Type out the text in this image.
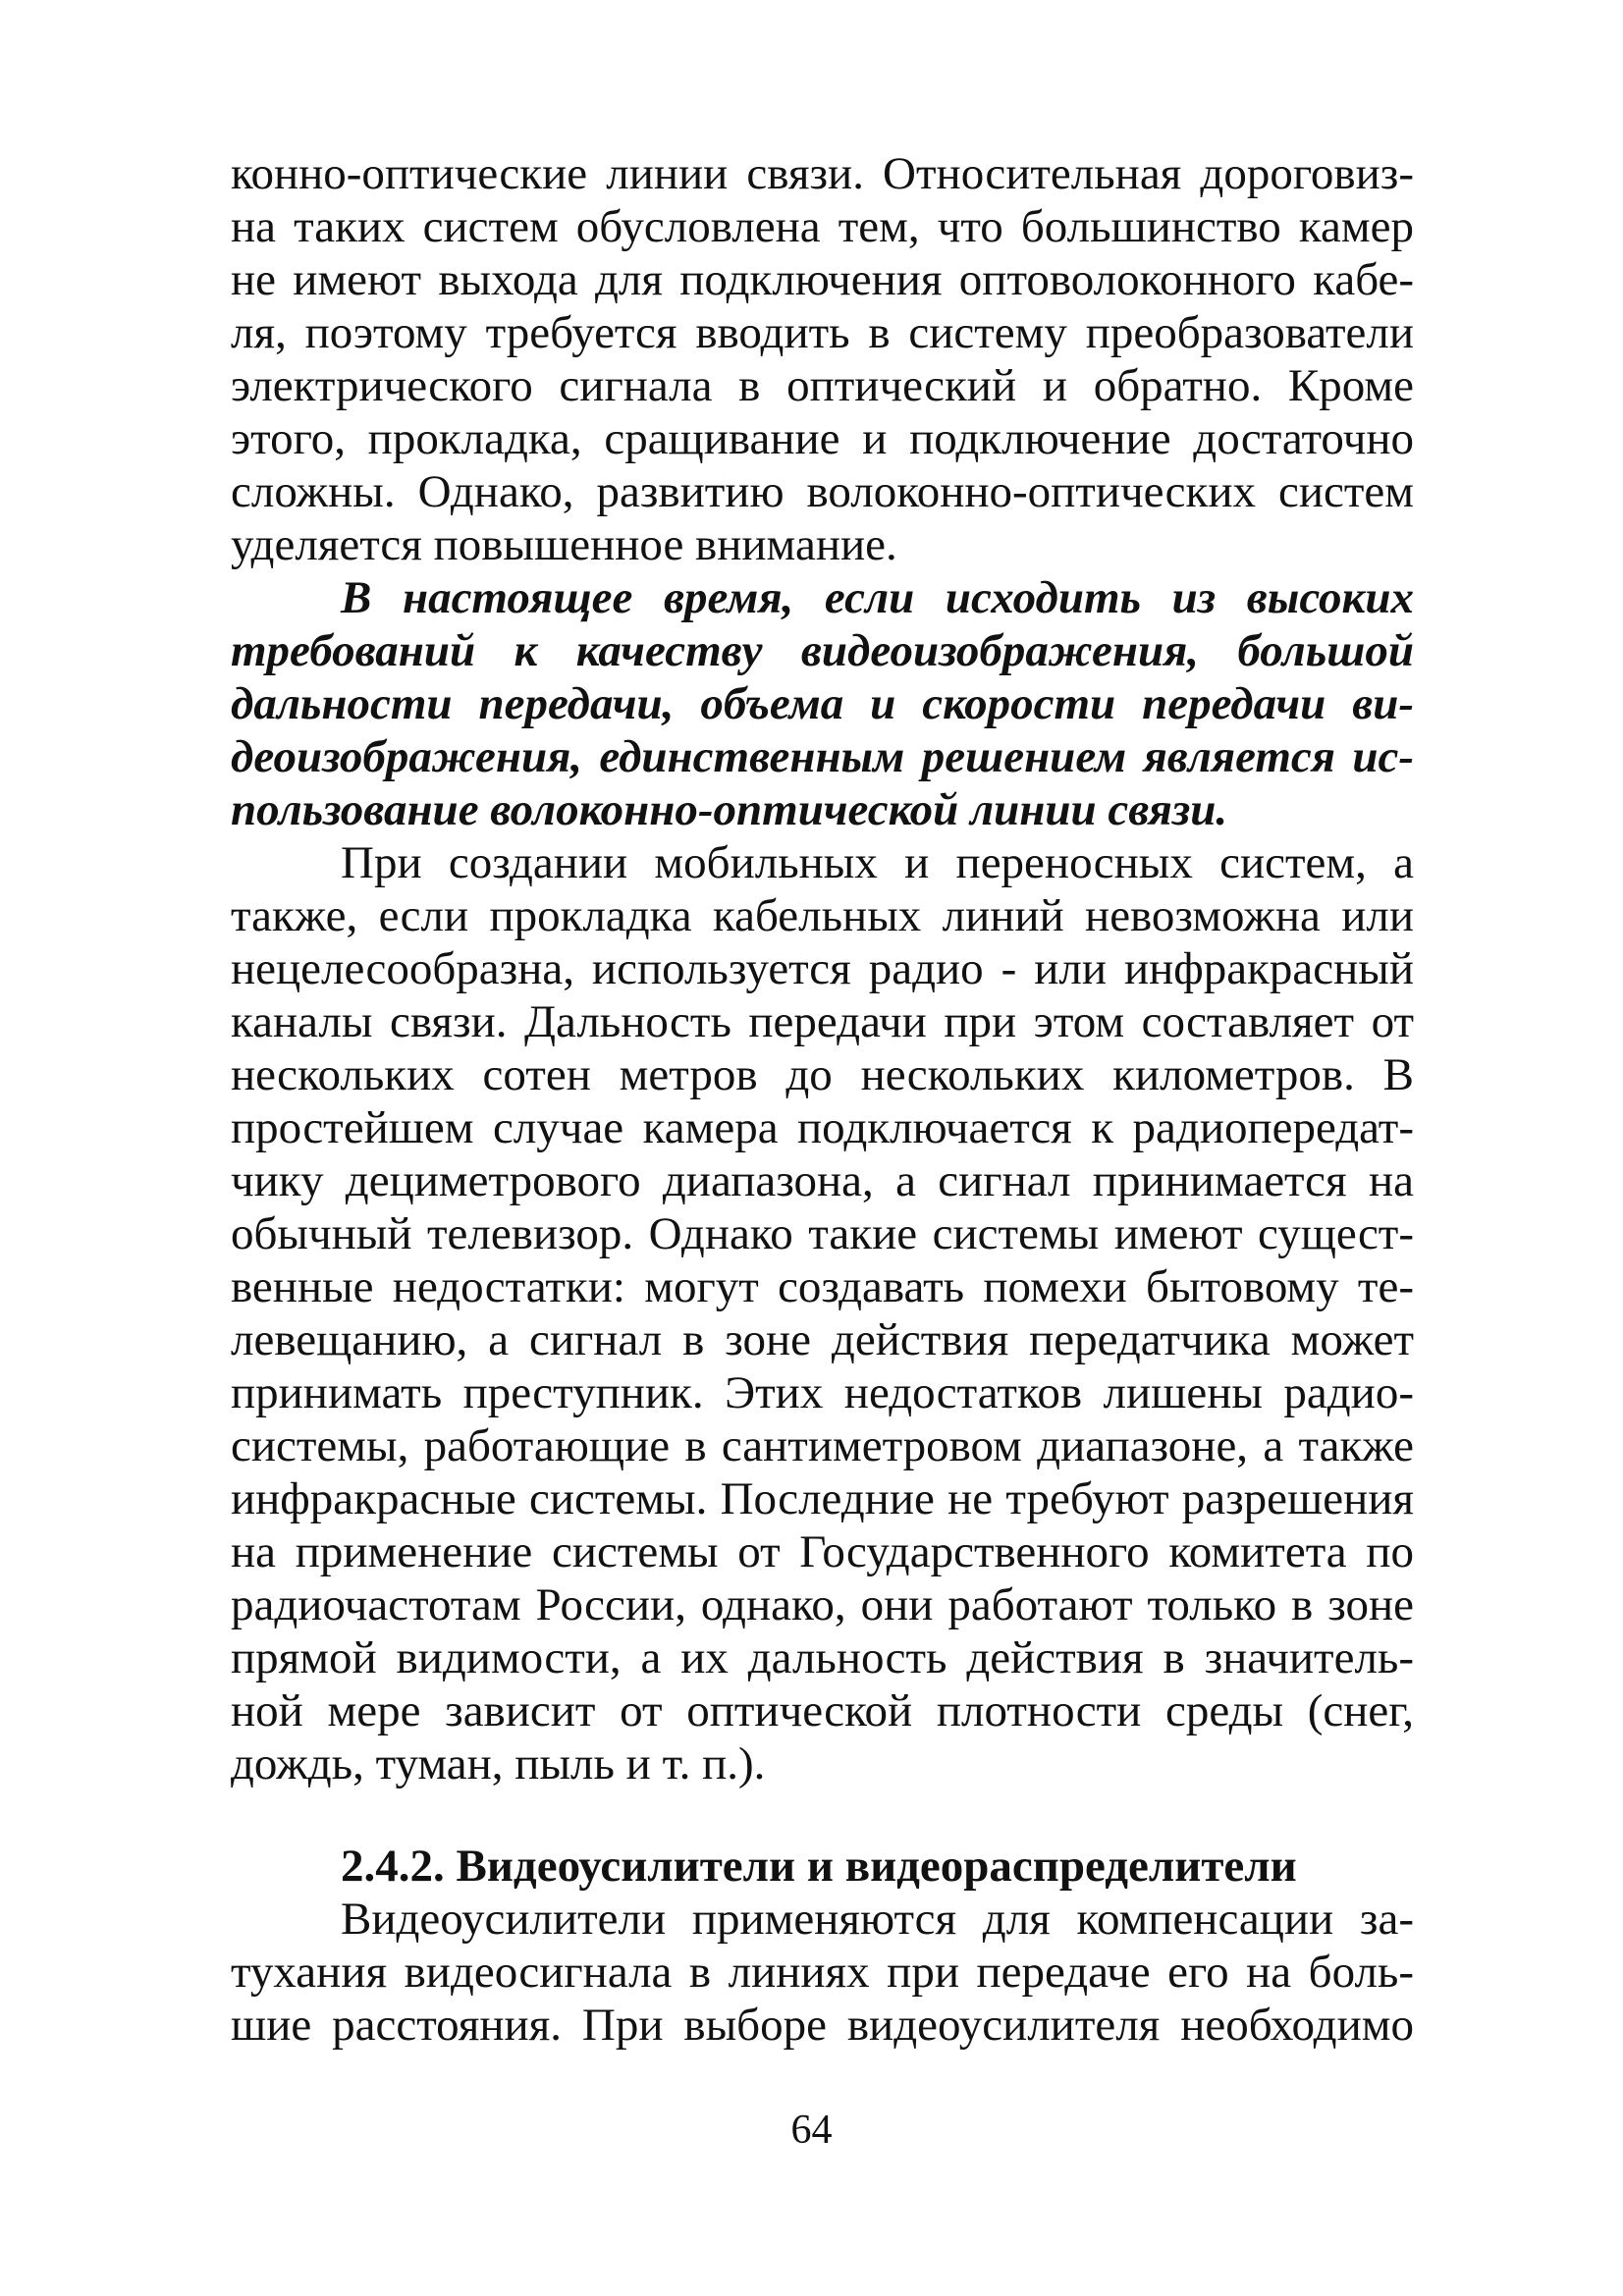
конно-оптические линии связи. Относительная дороговиз-
на таких систем обусловлена тем, что большинство камер
не имеют выхода для подключения оптоволоконного кабе-
ля, поэтому требуется вводить в систему преобразователи
электрического сигнала в оптический и обратно. Кроме
этого, прокладка, сращивание и подключение достаточно
сложны. Однако, развитию волоконно-оптических систем
уделяется повышенное внимание.
В настоящее время, если исходить из высоких
требований к качеству видеоизображения, большой
дальности передачи, объема и скорости передачи ви-
деоизображения, единственным решением является ис-
пользование волоконно-оптической линии связи.
При создании мобильных и переносных систем, а
также, если прокладка кабельных линий невозможна или
нецелесообразна, используется радио - или инфракрасный
каналы связи. Дальность передачи при этом составляет от
нескольких сотен метров до нескольких километров. В
простейшем случае камера подключается к радиопередат-
чику дециметрового диапазона, а сигнал принимается на
обычный телевизор. Однако такие системы имеют сущест-
венные недостатки: могут создавать помехи бытовому те-
левещанию, а сигнал в зоне действия передатчика может
принимать преступник. Этих недостатков лишены радио-
системы, работающие в сантиметровом диапазоне, а также
инфракрасные системы. Последние не требуют разрешения
на применение системы от Государственного комитета по
радиочастотам России, однако, они работают только в зоне
прямой видимости, а их дальность действия в значитель-
ной мере зависит от оптической плотности среды (снег,
дождь, туман, пыль и т. п.).
2.4.2. Видеоусилители и видеораспределители
Видеоусилители применяются для компенсации за-
тухания видеосигнала в линиях при передаче его на боль-
шие расстояния. При выборе видеоусилителя необходимо
64
